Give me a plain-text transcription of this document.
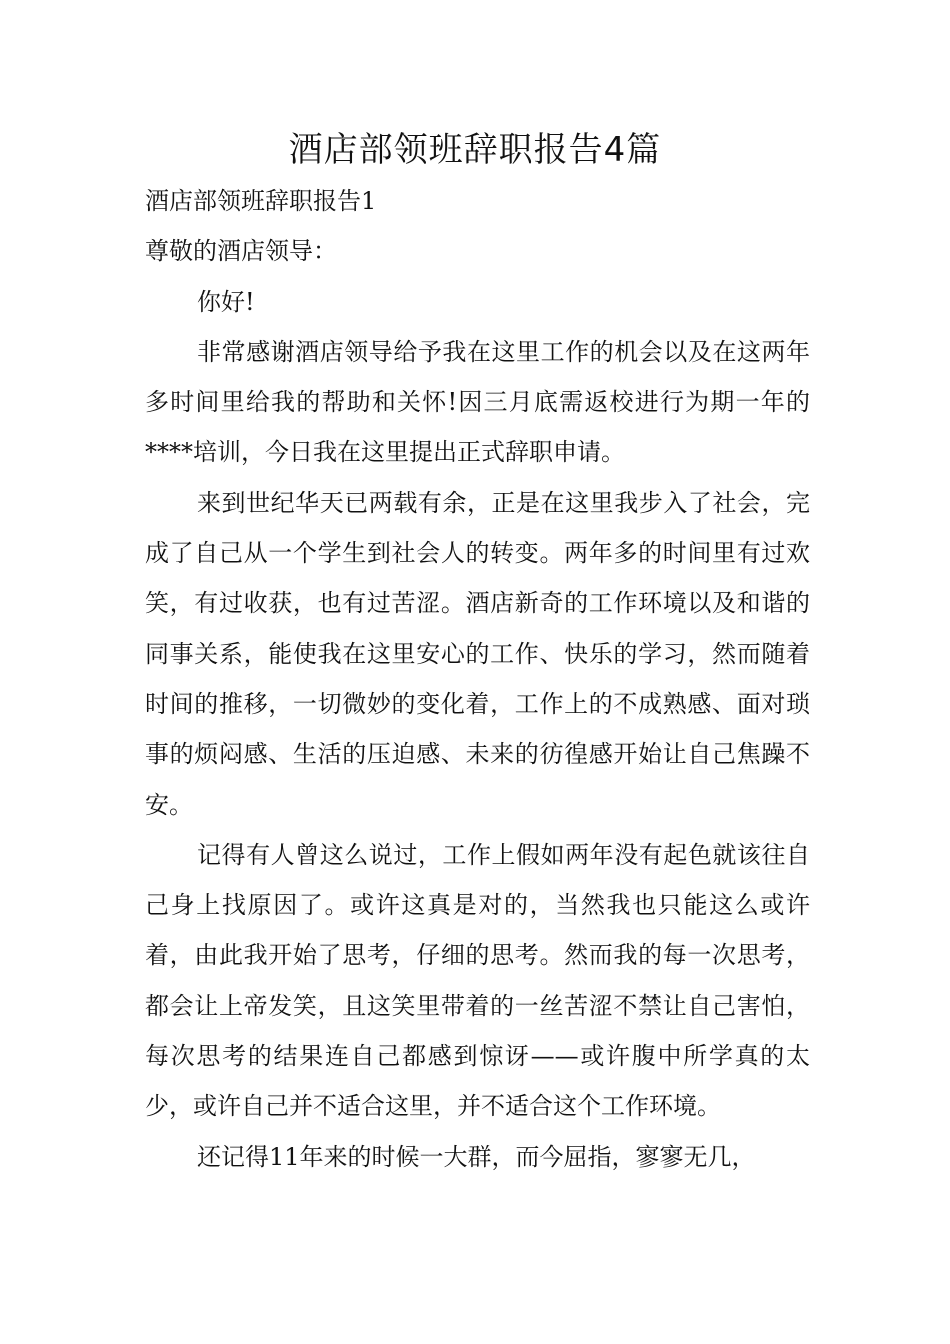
酒店部领班辞职报告4篇

酒店部领班辞职报告1

尊敬的酒店领导：

你好!

非常感谢酒店领导给予我在这里工作的机会以及在这两年多时间里给我的帮助和关怀!因三月底需返校进行为期一年的****培训，今日我在这里提出正式辞职申请。

来到世纪华天已两载有余，正是在这里我步入了社会，完成了自己从一个学生到社会人的转变。两年多的时间里有过欢笑，有过收获，也有过苦涩。酒店新奇的工作环境以及和谐的同事关系，能使我在这里安心的工作、快乐的学习，然而随着时间的推移，一切微妙的变化着，工作上的不成熟感、面对琐事的烦闷感、生活的压迫感、未来的彷徨感开始让自己焦躁不安。

记得有人曾这么说过，工作上假如两年没有起色就该往自己身上找原因了。或许这真是对的，当然我也只能这么或许着，由此我开始了思考，仔细的思考。然而我的每一次思考，都会让上帝发笑，且这笑里带着的一丝苦涩不禁让自己害怕，每次思考的结果连自己都感到惊讶——或许腹中所学真的太少，或许自己并不适合这里，并不适合这个工作环境。

还记得11年来的时候一大群，而今屈指，寥寥无几，
